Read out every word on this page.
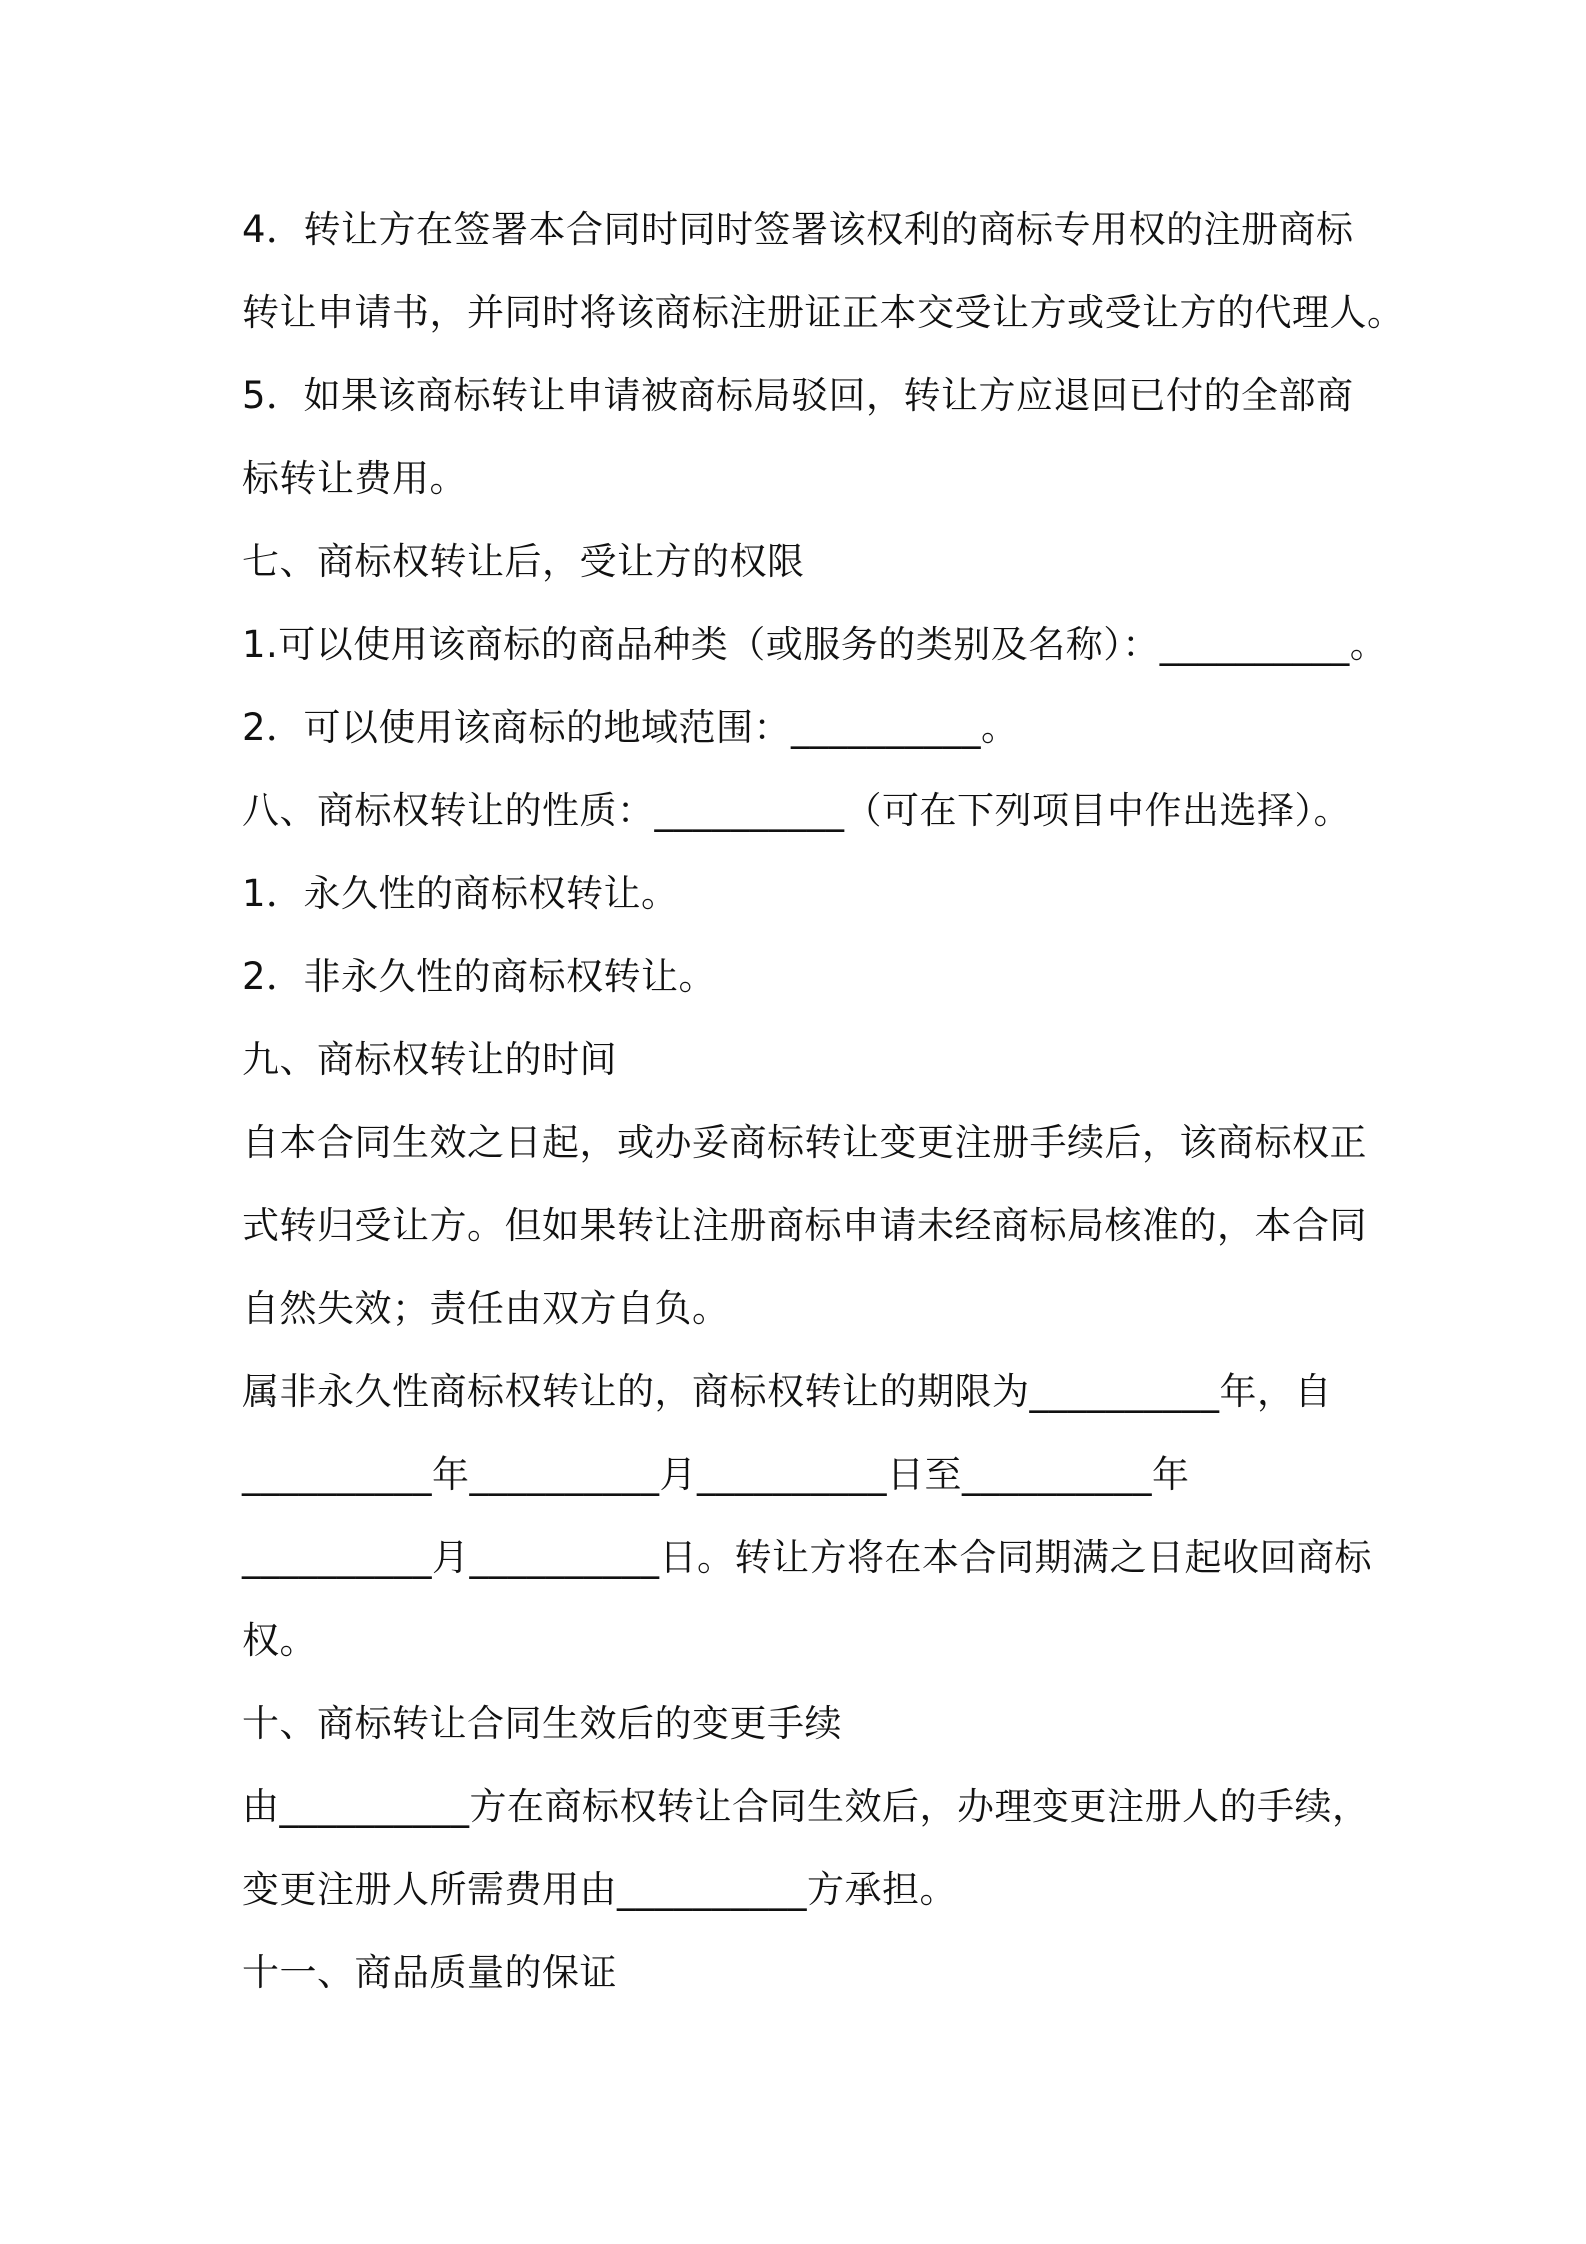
4．转让方在签署本合同时同时签署该权利的商标专用权的注册商标
转让申请书，并同时将该商标注册证正本交受让方或受让方的代理人。
5．如果该商标转让申请被商标局驳回，转让方应退回已付的全部商
标转让费用。
七、商标权转让后，受让方的权限
1.可以使用该商标的商品种类（或服务的类别及名称）：__________。
2．可以使用该商标的地域范围：__________。
八、商标权转让的性质：__________（可在下列项目中作出选择）。
1．永久性的商标权转让。
2．非永久性的商标权转让。
九、商标权转让的时间
自本合同生效之日起，或办妥商标转让变更注册手续后，该商标权正
式转归受让方。但如果转让注册商标申请未经商标局核准的，本合同
自然失效；责任由双方自负。
属非永久性商标权转让的，商标权转让的期限为__________年，自
__________年__________月__________日至__________年
__________月__________日。转让方将在本合同期满之日起收回商标
权。
十、商标转让合同生效后的变更手续
由__________方在商标权转让合同生效后，办理变更注册人的手续，
变更注册人所需费用由__________方承担。
十一、商品质量的保证
